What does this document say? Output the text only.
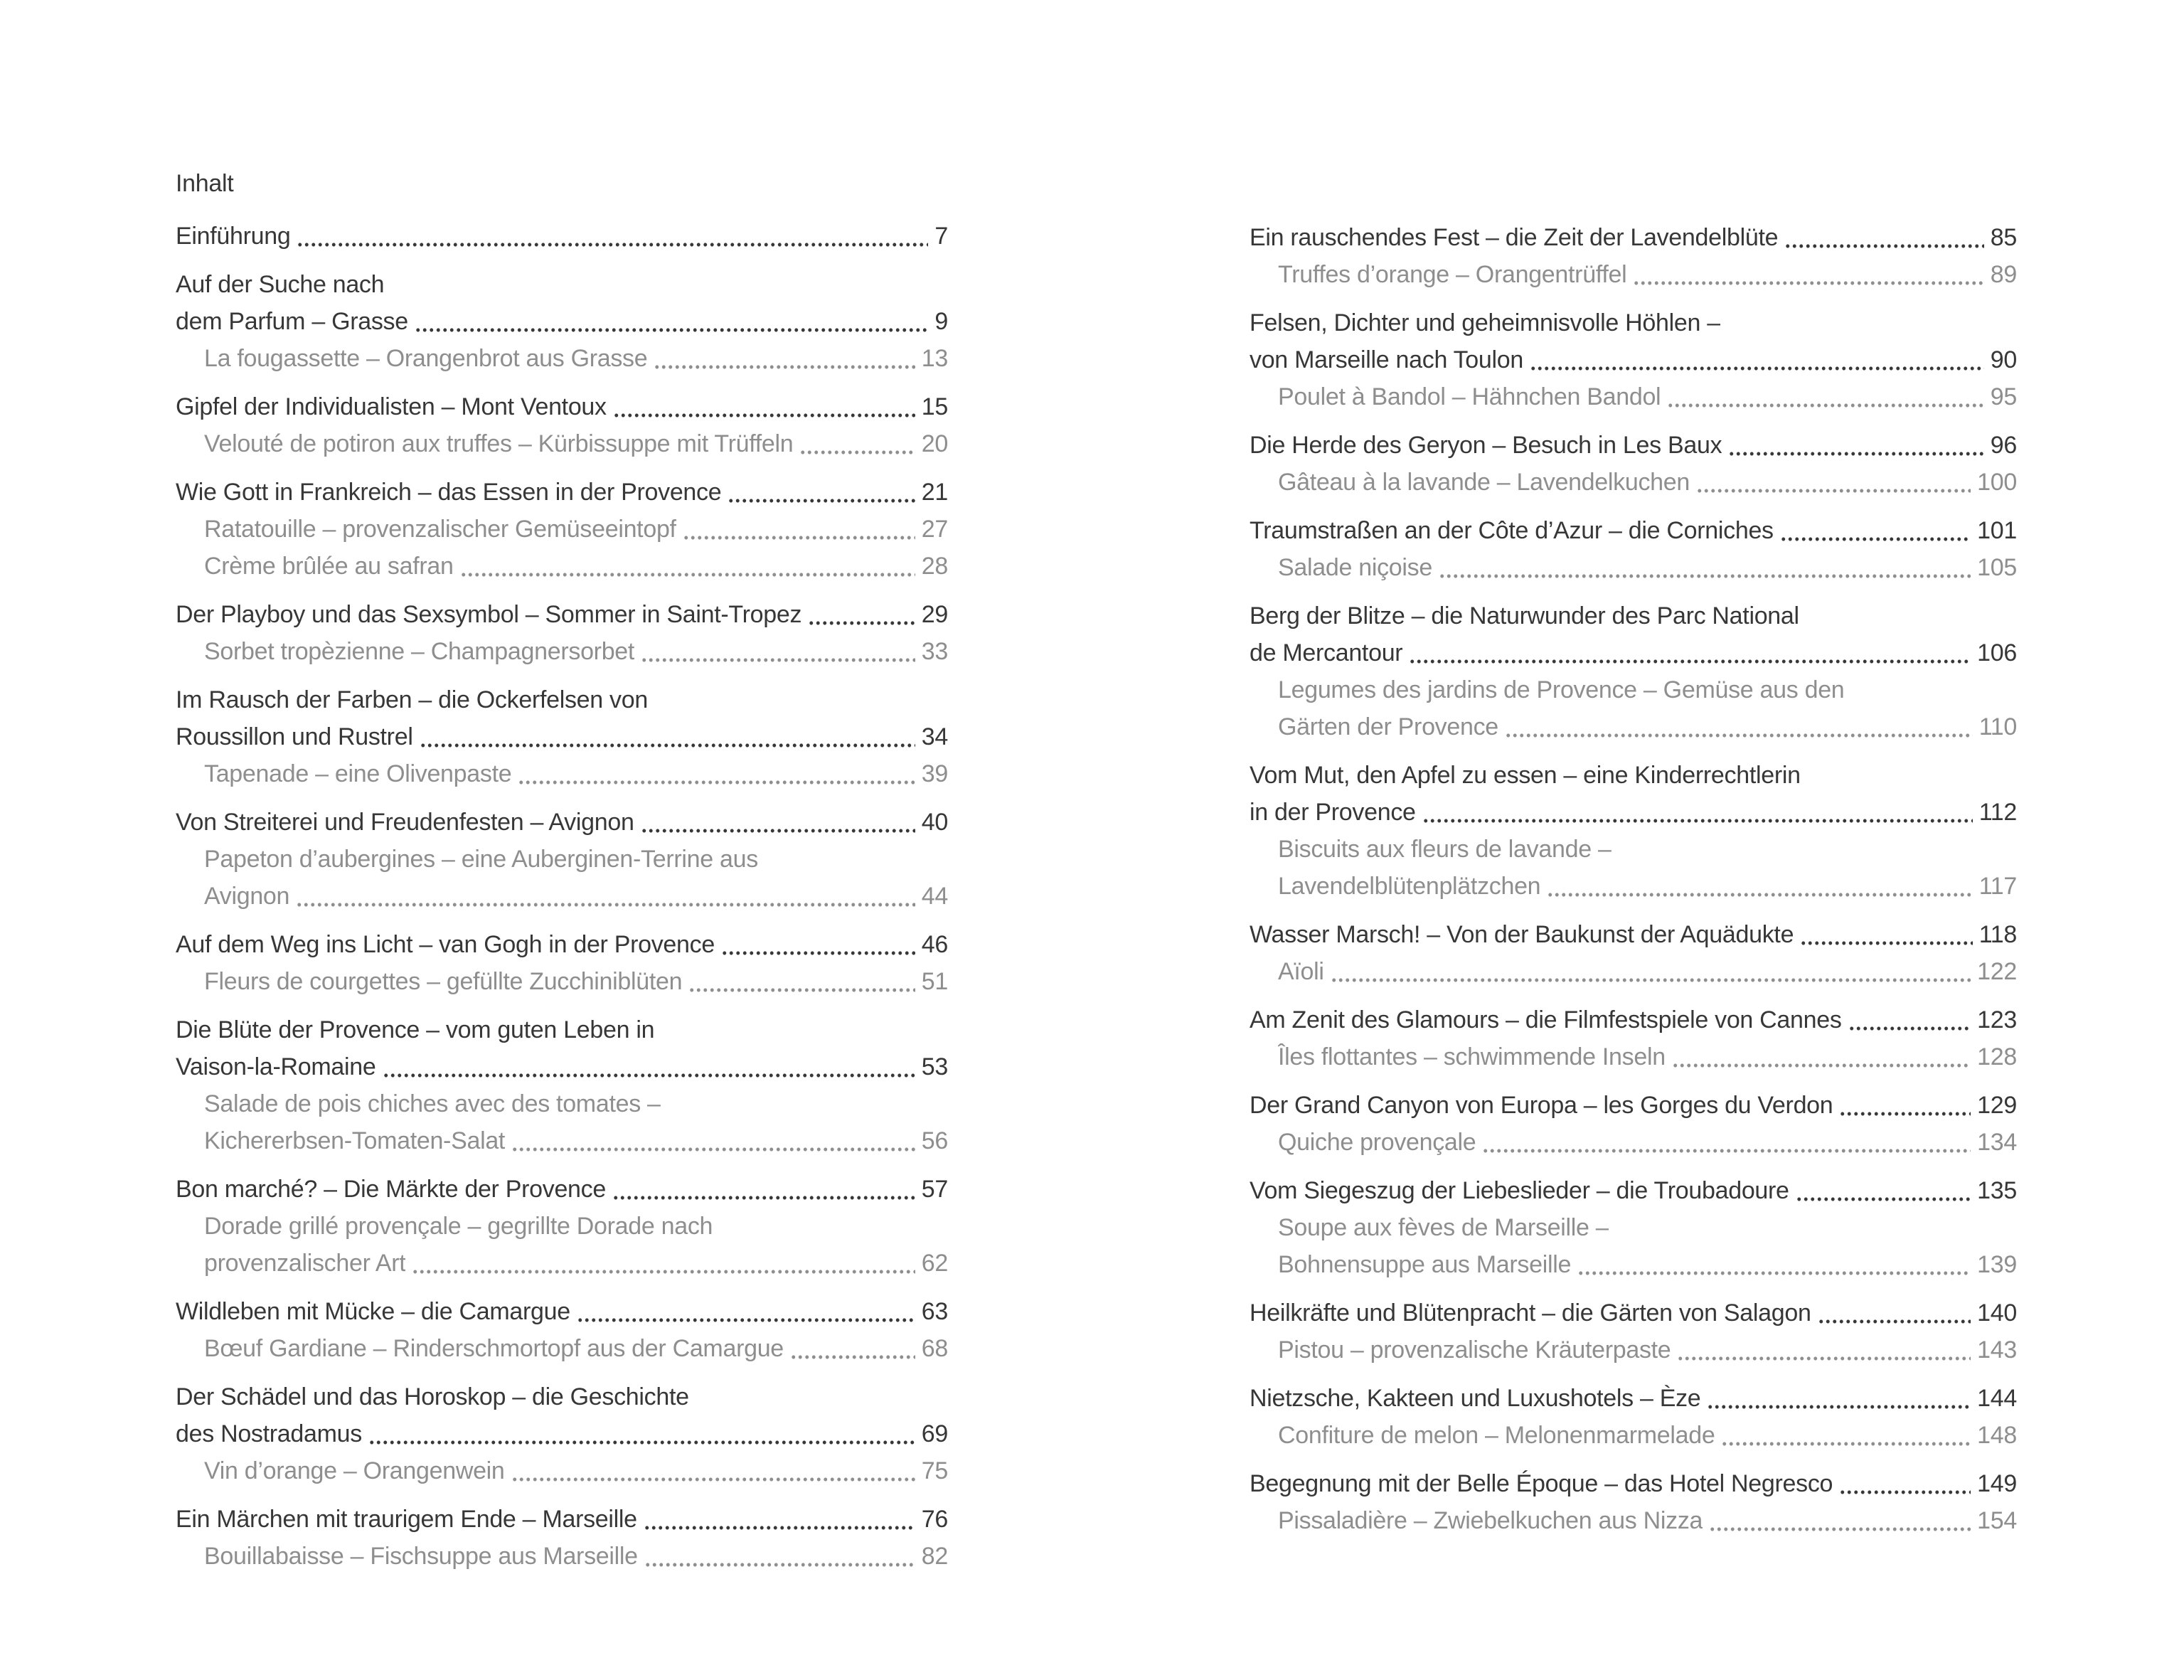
Inhalt
Einführung	7
Auf der Suche nach
dem Parfum – Grasse	9
La fougassette – Orangenbrot aus Grasse	13
Gipfel der Individualisten – Mont Ventoux	15
Velouté de potiron aux truffes – Kürbissuppe mit Trüffeln	20
Wie Gott in Frankreich – das Essen in der Provence	21
Ratatouille – provenzalischer Gemüseeintopf	27
Crème brûlée au safran	28
Der Playboy und das Sexsymbol – Sommer in Saint-Tropez	29
Sorbet tropèzienne – Champagnersorbet	33
Im Rausch der Farben – die Ockerfelsen von
Roussillon und Rustrel	34
Tapenade – eine Olivenpaste	39
Von Streiterei und Freudenfesten – Avignon	40
Papeton d’aubergines – eine Auberginen-Terrine aus
Avignon	44
Auf dem Weg ins Licht – van Gogh in der Provence	46
Fleurs de courgettes – gefüllte Zucchiniblüten	51
Die Blüte der Provence – vom guten Leben in
Vaison-la-Romaine	53
Salade de pois chiches avec des tomates –
Kichererbsen-Tomaten-Salat	56
Bon marché? – Die Märkte der Provence	57
Dorade grillé provençale – gegrillte Dorade nach
provenzalischer Art	62
Wildleben mit Mücke – die Camargue	63
Bœuf Gardiane – Rinderschmortopf aus der Camargue	68
Der Schädel und das Horoskop – die Geschichte
des Nostradamus	69
Vin d’orange – Orangenwein	75
Ein Märchen mit traurigem Ende – Marseille	76
Bouillabaisse – Fischsuppe aus Marseille	82
Ein rauschendes Fest – die Zeit der Lavendelblüte	85
Truffes d’orange – Orangentrüffel	89
Felsen, Dichter und geheimnisvolle Höhlen –
von Marseille nach Toulon	90
Poulet à Bandol – Hähnchen Bandol	95
Die Herde des Geryon – Besuch in Les Baux	96
Gâteau à la lavande – Lavendelkuchen	100
Traumstraßen an der Côte d’Azur – die Corniches	101
Salade niçoise	105
Berg der Blitze – die Naturwunder des Parc National
de Mercantour	106
Legumes des jardins de Provence – Gemüse aus den
Gärten der Provence	110
Vom Mut, den Apfel zu essen – eine Kinderrechtlerin
in der Provence	112
Biscuits aux fleurs de lavande –
Lavendelblütenplätzchen	117
Wasser Marsch! – Von der Baukunst der Aquädukte	118
Aïoli	122
Am Zenit des Glamours – die Filmfestspiele von Cannes	123
Îles flottantes – schwimmende Inseln	128
Der Grand Canyon von Europa – les Gorges du Verdon	129
Quiche provençale	134
Vom Siegeszug der Liebeslieder – die Troubadoure	135
Soupe aux fèves de Marseille –
Bohnensuppe aus Marseille	139
Heilkräfte und Blütenpracht – die Gärten von Salagon	140
Pistou – provenzalische Kräuterpaste	143
Nietzsche, Kakteen und Luxushotels – Èze	144
Confiture de melon – Melonenmarmelade	148
Begegnung mit der Belle Époque – das Hotel Negresco	149
Pissaladière – Zwiebelkuchen aus Nizza	154
